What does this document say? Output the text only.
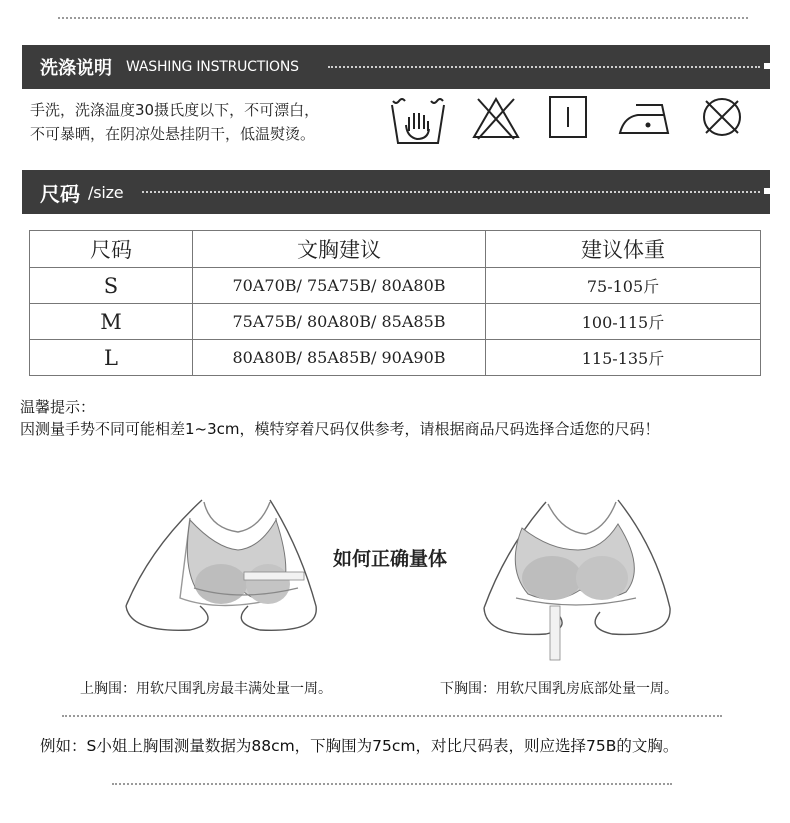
洗涤说明 WASHING INSTRUCTIONS
手洗，洗涤温度30摄氏度以下，不可漂白，
不可暴晒，在阴凉处悬挂阴干，低温熨烫。
尺码 /size
尺码	文胸建议	建议体重
S	70A70B/ 75A75B/ 80A80B	75-105斤
M	75A75B/ 80A80B/ 85A85B	100-115斤
L	80A80B/ 85A85B/ 90A90B	115-135斤
温馨提示：
因测量手势不同可能相差1~3cm，模特穿着尺码仅供参考，请根据商品尺码选择合适您的尺码！
如何正确量体
上胸围：用软尺围乳房最丰满处量一周。	下胸围：用软尺围乳房底部处量一周。
例如：S小姐上胸围测量数据为88cm，下胸围为75cm，对比尺码表，则应选择75B的文胸。
